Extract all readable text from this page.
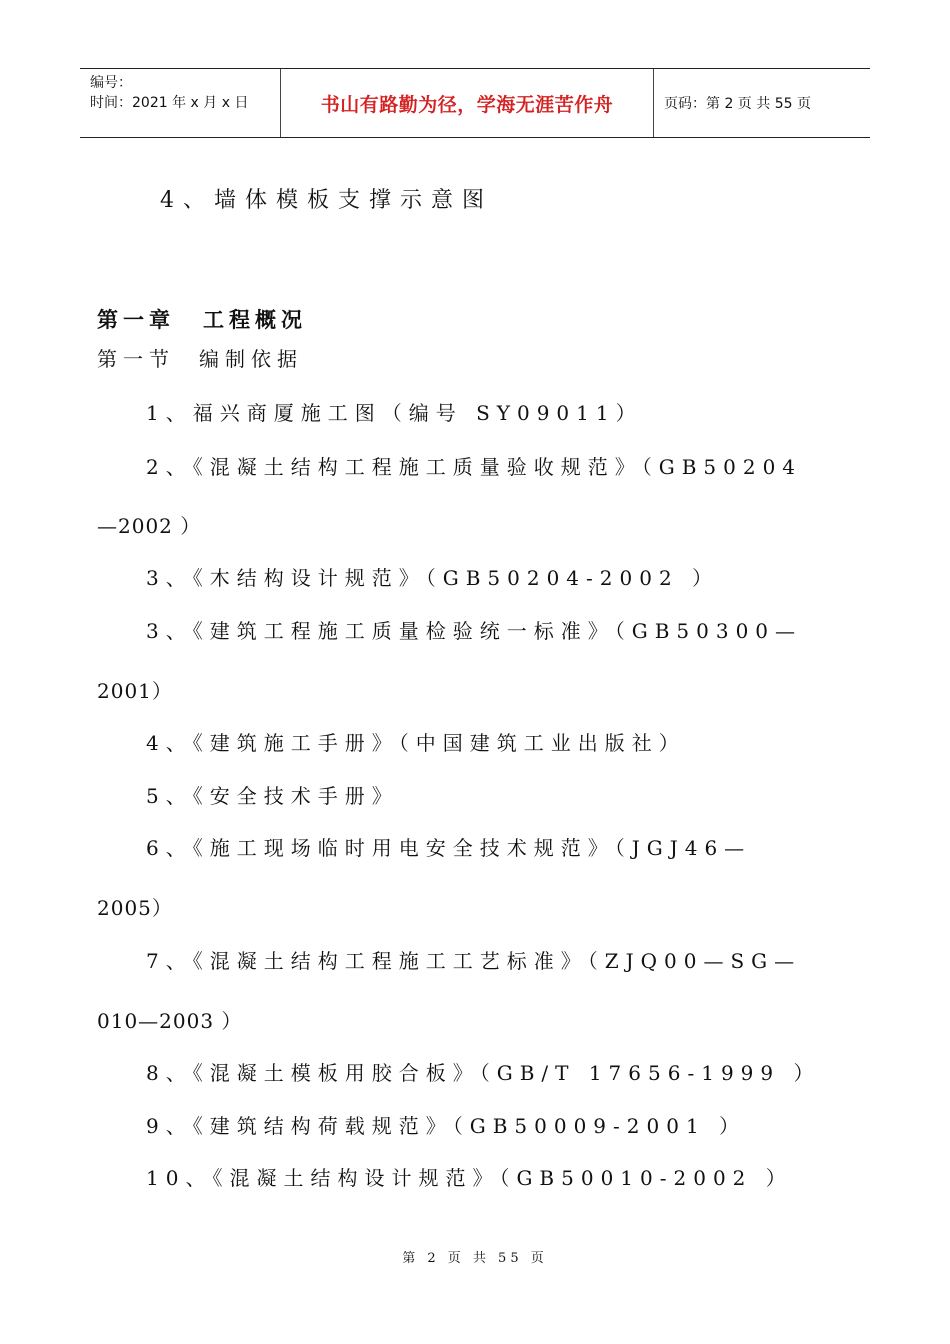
编号：
时间：2021 年 x 月 x 日	书山有路勤为径，学海无涯苦作舟	页码：第 2 页 共 55 页
4、墙体模板支撑示意图
第一章 工程概况
第一节 编制依据
1、福兴商厦施工图（编号 SY09011）
2、《混凝土结构工程施工质量验收规范》（GB50204
—2002 ）
3、《木结构设计规范》（GB50204-2002 ）
3、《建筑工程施工质量检验统一标准》（GB50300—
2001）
4、《建筑施工手册》（中国建筑工业出版社）
5、《安全技术手册》
6、《施工现场临时用电安全技术规范》（JGJ46—
2005）
7、《混凝土结构工程施工工艺标准》（ZJQ00—SG—
010—2003 ）
8、《混凝土模板用胶合板》（GB/T 17656-1999 ）
9、《建筑结构荷载规范》（GB50009-2001 ）
10、《混凝土结构设计规范》（GB50010-2002 ）
第 2 页 共 55 页
